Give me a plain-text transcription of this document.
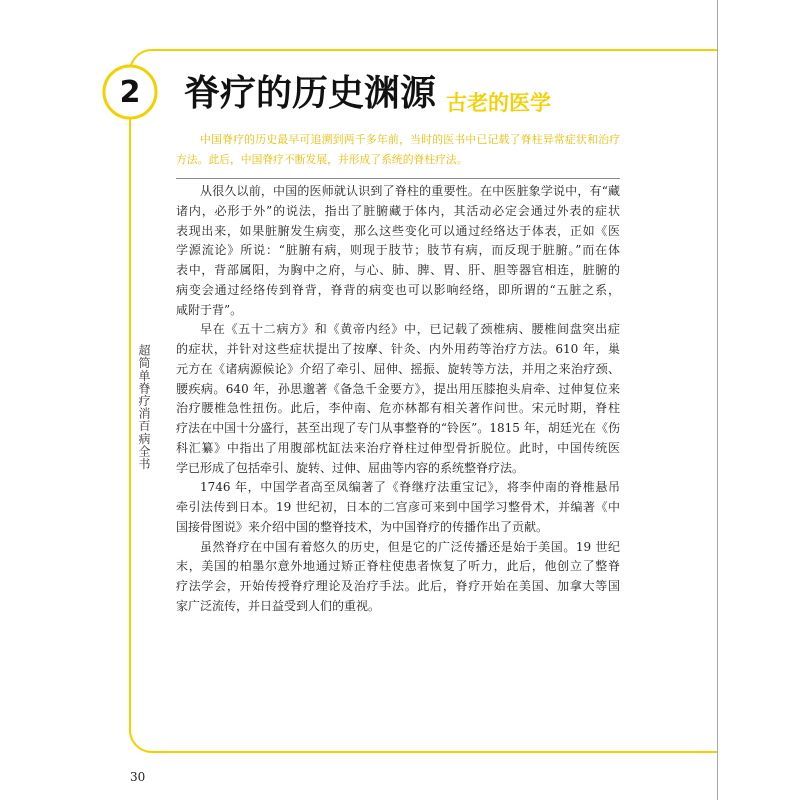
2	脊疗的历史渊源 古老的医学
中国脊疗的历史最早可追溯到两千多年前，当时的医书中已记载了脊柱异常症状和治疗
方法。此后，中国脊疗不断发展，并形成了系统的脊柱疗法。
从很久以前，中国的医师就认识到了脊柱的重要性。在中医脏象学说中，有“藏
诸内，必形于外”的说法，指出了脏腑藏于体内，其活动必定会通过外表的症状
表现出来，如果脏腑发生病变，那么这些变化可以通过经络达于体表，正如《医
学源流论》所说：“脏腑有病，则现于肢节；肢节有病，而反现于脏腑。”而在体
表中，背部属阳，为胸中之府，与心、肺、脾、胃、肝、胆等器官相连，脏腑的
病变会通过经络传到脊背，脊背的病变也可以影响经络，即所谓的“五脏之系，
咸附于背”。
早在《五十二病方》和《黄帝内经》中，已记载了颈椎病、腰椎间盘突出症
的症状，并针对这些症状提出了按摩、针灸、内外用药等治疗方法。610 年，巢
元方在《诸病源候论》介绍了牵引、屈伸、摇振、旋转等方法，并用之来治疗颈、
腰疾病。640 年，孙思邈著《备急千金要方》，提出用压膝抱头肩牵、过伸复位来
治疗腰椎急性扭伤。此后，李仲南、危亦林都有相关著作问世。宋元时期，脊柱
疗法在中国十分盛行，甚至出现了专门从事整脊的“铃医”。1815 年，胡廷光在《伤
科汇纂》中指出了用腹部枕缸法来治疗脊柱过伸型骨折脱位。此时，中国传统医
学已形成了包括牵引、旋转、过伸、屈曲等内容的系统整脊疗法。
1746 年，中国学者高至凤编著了《脊继疗法重宝记》，将李仲南的脊椎悬吊
牵引法传到日本。19 世纪初，日本的二宫彦可来到中国学习整骨术，并编著《中
国接骨图说》来介绍中国的整脊技术，为中国脊疗的传播作出了贡献。
虽然脊疗在中国有着悠久的历史，但是它的广泛传播还是始于美国。19 世纪
末，美国的柏墨尔意外地通过矫正脊柱使患者恢复了听力，此后，他创立了整脊
疗法学会，开始传授脊疗理论及治疗手法。此后，脊疗开始在美国、加拿大等国
家广泛流传，并日益受到人们的重视。
超简单脊疗消百病全书
30
